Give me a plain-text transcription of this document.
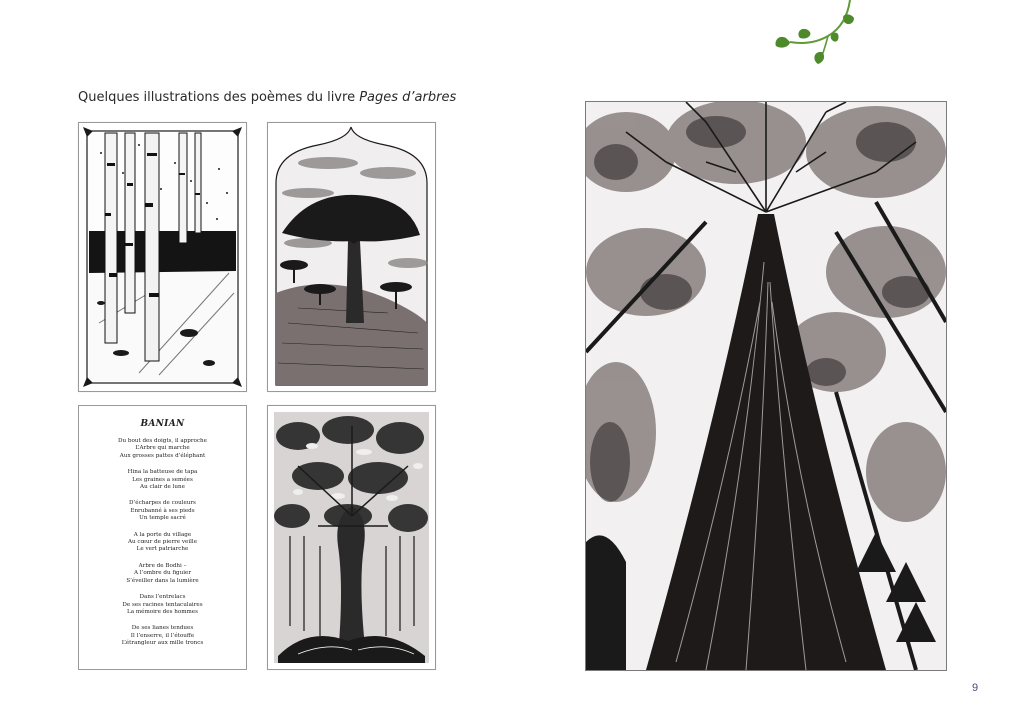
Quelques illustrations des poèmes du livre Pages d’arbres
BANIAN
Du bout des doigts, il approche
L’Arbre qui marche
Aux grosses pattes d’éléphant
Hina la batteuse de tapa
Les graines a semées
Au clair de lune
D’écharpes de couleurs
Enrubanné à ses pieds
Un temple sacré
A la porte du village
Au cœur de pierre veille
Le vert patriarche
Arbre de Bodhi –
A l’ombre du figuier
S’éveiller dans la lumière
Dans l’entrelacs
De ses racines tentaculaires
La mémoire des hommes
De ses lianes tendues
Il l’enserre, il l’étouffe
L’étrangleur aux mille troncs
9
